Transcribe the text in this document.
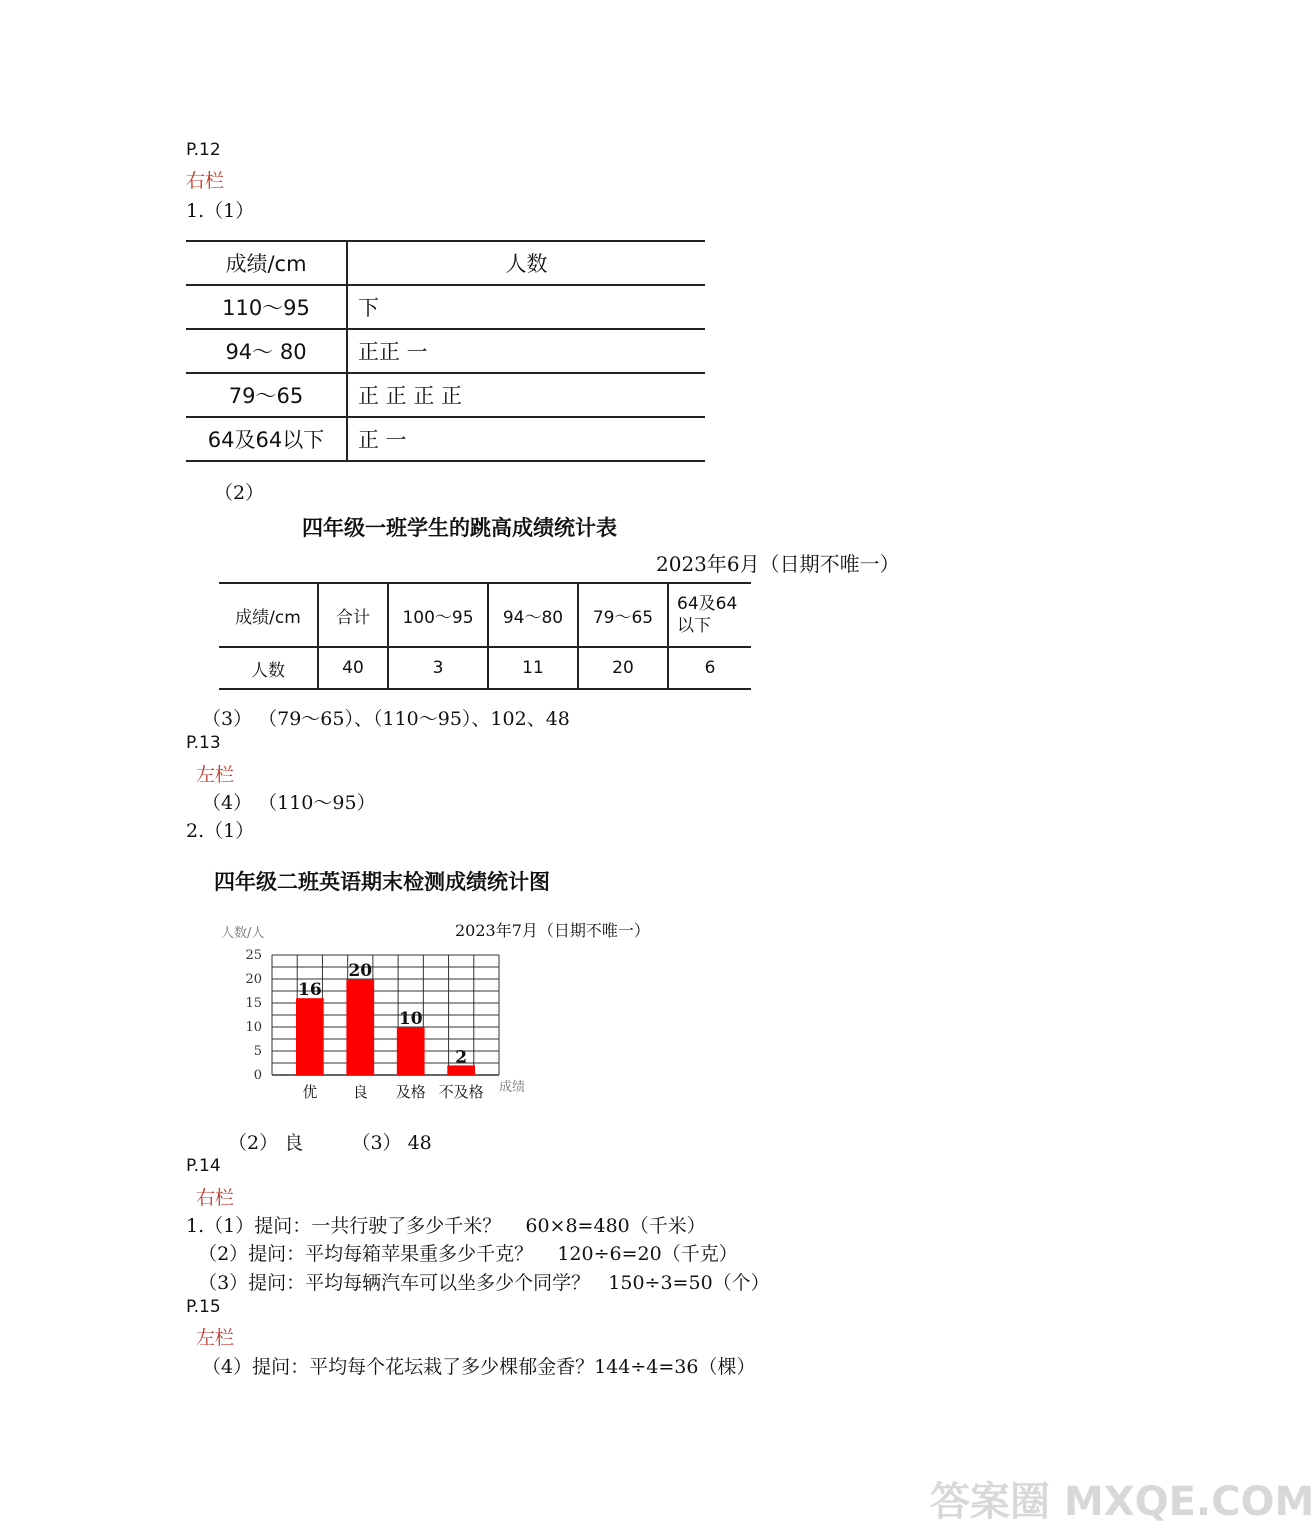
P.12
右栏
1.（1）
成绩/cm	人数
110～95	下
94～ 80	正正 一
79～65	正 正 正 正
64及64以下	正 一
（2）
四年级一班学生的跳高成绩统计表
2023年6月（日期不唯一）
成绩/cm	合计	100～95	94～80	79～65	64及64以下
人数	40	3	11	20	6
（3） （79～65）、（110～95）、102、48
P.13
左栏
（4） （110～95）
2.（1）
四年级二班英语期末检测成绩统计图
0
5
10
15
20
25
人数/人
成绩
16
优
20
良
10
及格
2
不及格
2023年7月（日期不唯一）
（2） 良        （3） 48
P.14
右栏
1.（1）提问：一共行驶了多少千米？    60×8=480（千米）
（2）提问：平均每箱苹果重多少千克？    120÷6=20（千克）
（3）提问：平均每辆汽车可以坐多少个同学？   150÷3=50（个）
P.15
左栏
（4）提问：平均每个花坛栽了多少棵郁金香？144÷4=36（棵）
答案圈 MXQE.COM
